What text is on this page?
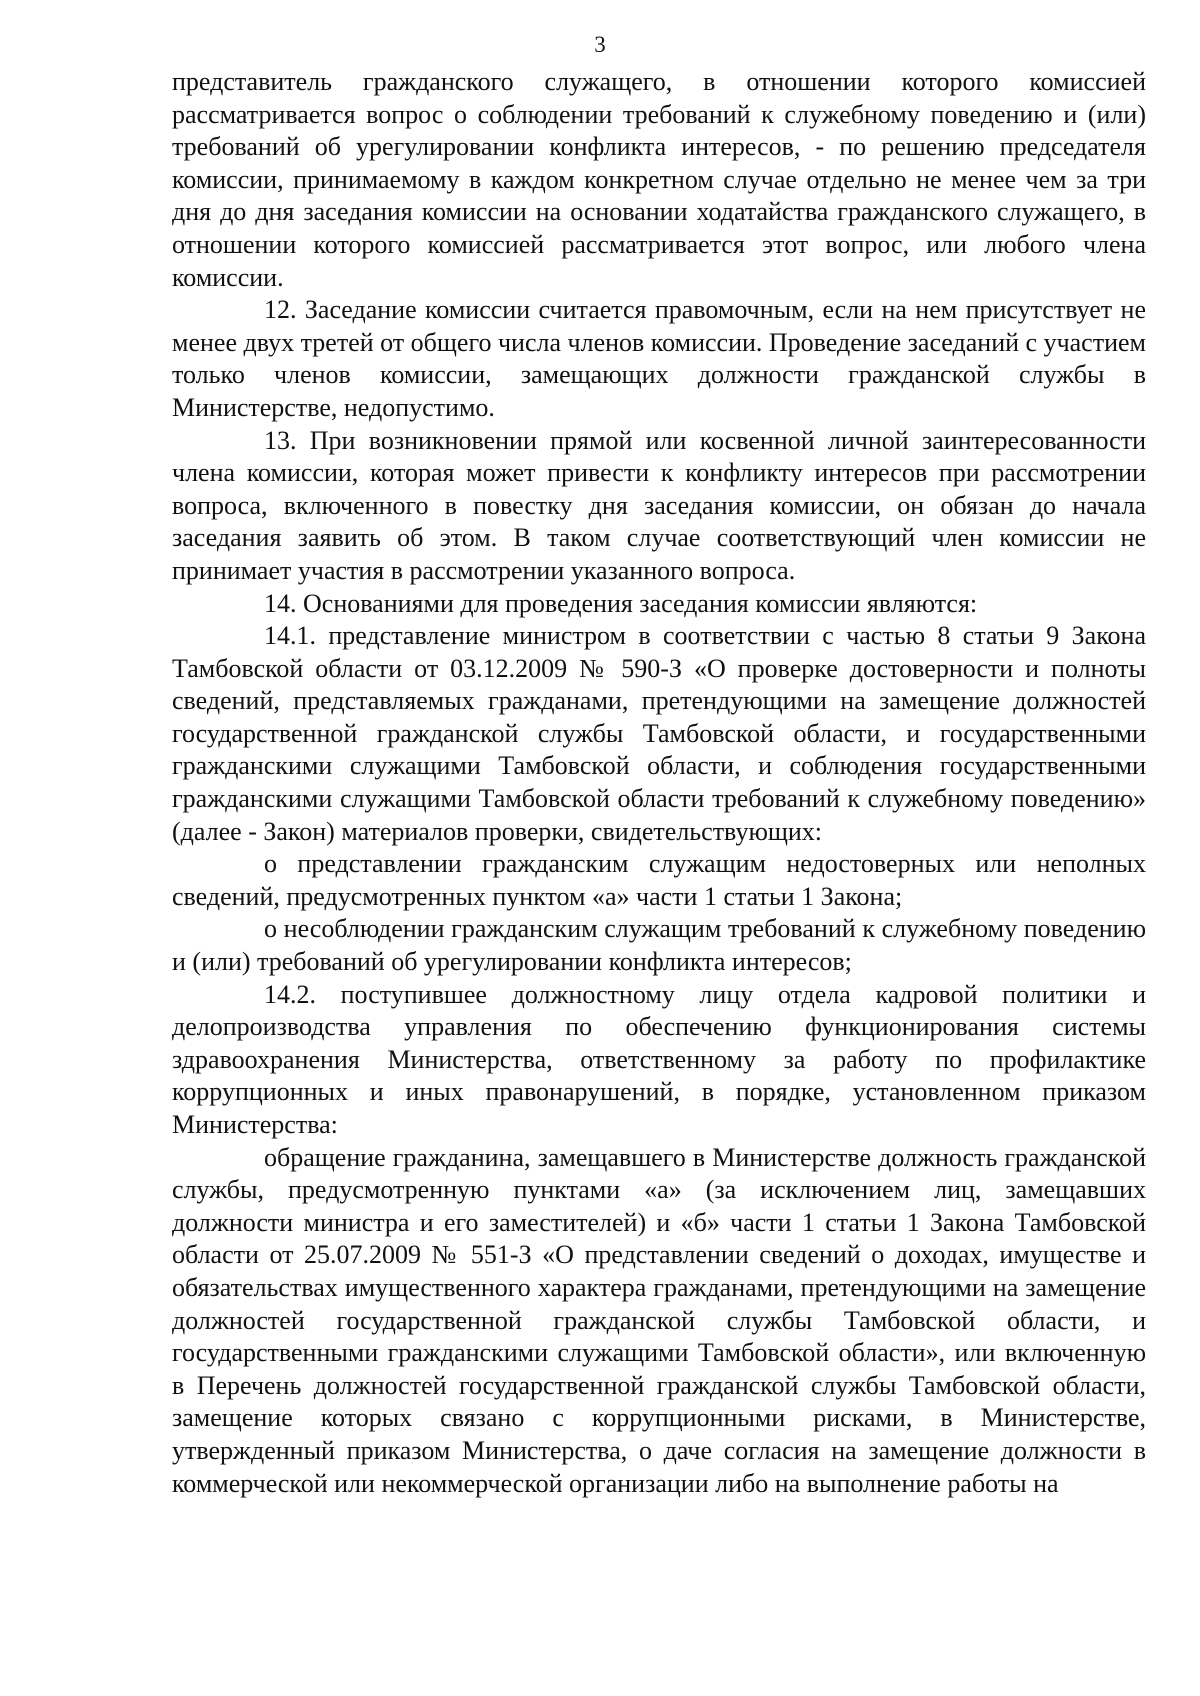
3

представитель гражданского служащего, в отношении которого комиссией рассматривается вопрос о соблюдении требований к служебному поведению и (или) требований об урегулировании конфликта интересов, - по решению председателя комиссии, принимаемому в каждом конкретном случае отдельно не менее чем за три дня до дня заседания комиссии на основании ходатайства гражданского служащего, в отношении которого комиссией рассматривается этот вопрос, или любого члена комиссии.

12. Заседание комиссии считается правомочным, если на нем присутствует не менее двух третей от общего числа членов комиссии. Проведение заседаний с участием только членов комиссии, замещающих должности гражданской службы в Министерстве, недопустимо.

13. При возникновении прямой или косвенной личной заинтересованности члена комиссии, которая может привести к конфликту интересов при рассмотрении вопроса, включенного в повестку дня заседания комиссии, он обязан до начала заседания заявить об этом. В таком случае соответствующий член комиссии не принимает участия в рассмотрении указанного вопроса.

14. Основаниями для проведения заседания комиссии являются:

14.1. представление министром в соответствии с частью 8 статьи 9 Закона Тамбовской области от 03.12.2009 № 590-З «О проверке достоверности и полноты сведений, представляемых гражданами, претендующими на замещение должностей государственной гражданской службы Тамбовской области, и государственными гражданскими служащими Тамбовской области, и соблюдения государственными гражданскими служащими Тамбовской области требований к служебному поведению» (далее - Закон) материалов проверки, свидетельствующих:

о представлении гражданским служащим недостоверных или неполных сведений, предусмотренных пунктом «а» части 1 статьи 1 Закона;

о несоблюдении гражданским служащим требований к служебному поведению и (или) требований об урегулировании конфликта интересов;

14.2. поступившее должностному лицу отдела кадровой политики и делопроизводства управления по обеспечению функционирования системы здравоохранения Министерства, ответственному за работу по профилактике коррупционных и иных правонарушений, в порядке, установленном приказом Министерства:

обращение гражданина, замещавшего в Министерстве должность гражданской службы, предусмотренную пунктами «а» (за исключением лиц, замещавших должности министра и его заместителей) и «б» части 1 статьи 1 Закона Тамбовской области от 25.07.2009 № 551-З «О представлении сведений о доходах, имуществе и обязательствах имущественного характера гражданами, претендующими на замещение должностей государственной гражданской службы Тамбовской области, и государственными гражданскими служащими Тамбовской области», или включенную в Перечень должностей государственной гражданской службы Тамбовской области, замещение которых связано с коррупционными рисками, в Министерстве, утвержденный приказом Министерства, о даче согласия на замещение должности в коммерческой или некоммерческой организации либо на выполнение работы на
